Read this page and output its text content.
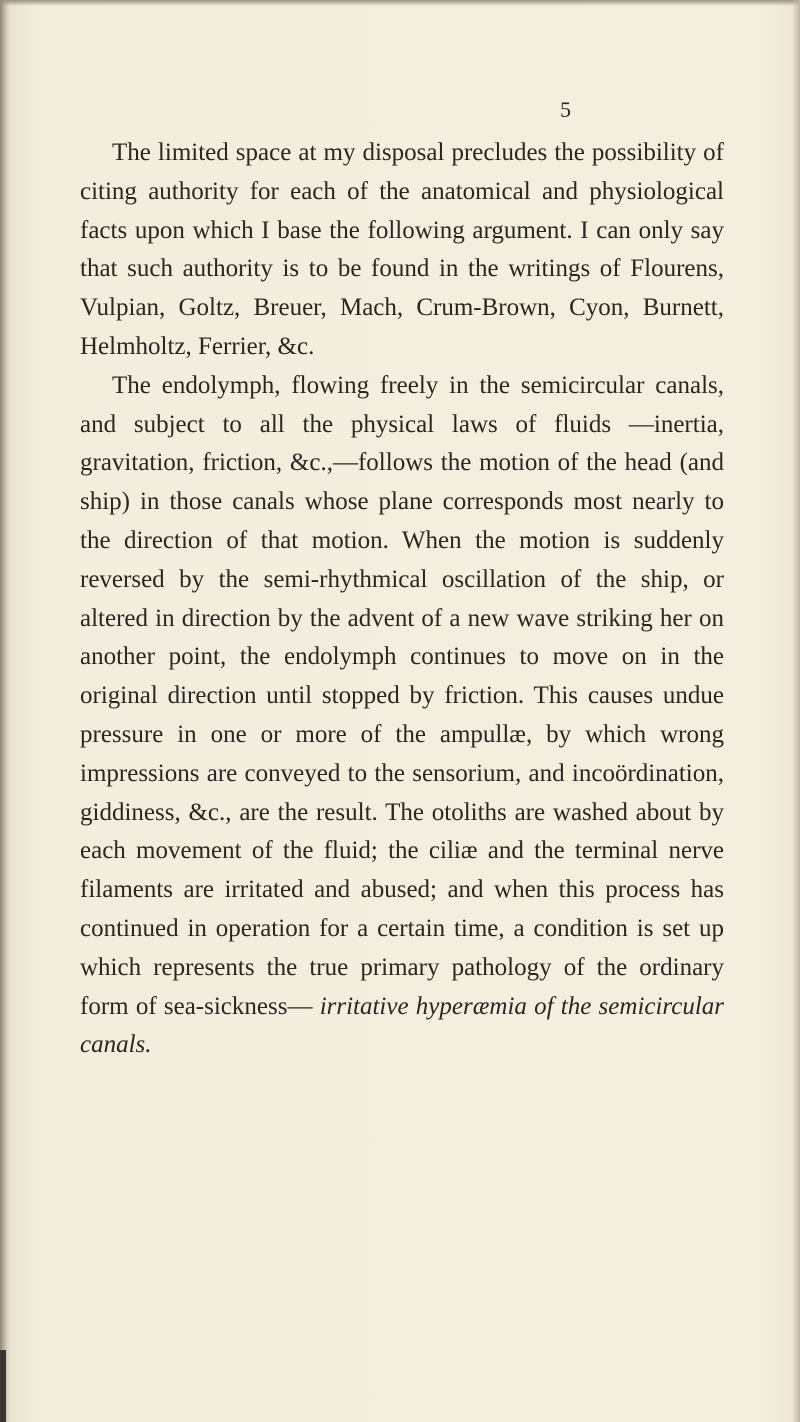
5

The limited space at my disposal precludes the possibility of citing authority for each of the anatomical and physiological facts upon which I base the following argument. I can only say that such authority is to be found in the writings of Flourens, Vulpian, Goltz, Breuer, Mach, Crum-Brown, Cyon, Burnett, Helmholtz, Ferrier, &c.

The endolymph, flowing freely in the semicircular canals, and subject to all the physical laws of fluids —inertia, gravitation, friction, &c.,—follows the motion of the head (and ship) in those canals whose plane corresponds most nearly to the direction of that motion. When the motion is suddenly reversed by the semi-rhythmical oscillation of the ship, or altered in direction by the advent of a new wave striking her on another point, the endolymph continues to move on in the original direction until stopped by friction. This causes undue pressure in one or more of the ampullæ, by which wrong impressions are conveyed to the sensorium, and incoördination, giddiness, &c., are the result. The otoliths are washed about by each movement of the fluid; the ciliæ and the terminal nerve filaments are irritated and abused; and when this process has continued in operation for a certain time, a condition is set up which represents the true primary pathology of the ordinary form of sea-sickness— irritative hyperæmia of the semicircular canals.
